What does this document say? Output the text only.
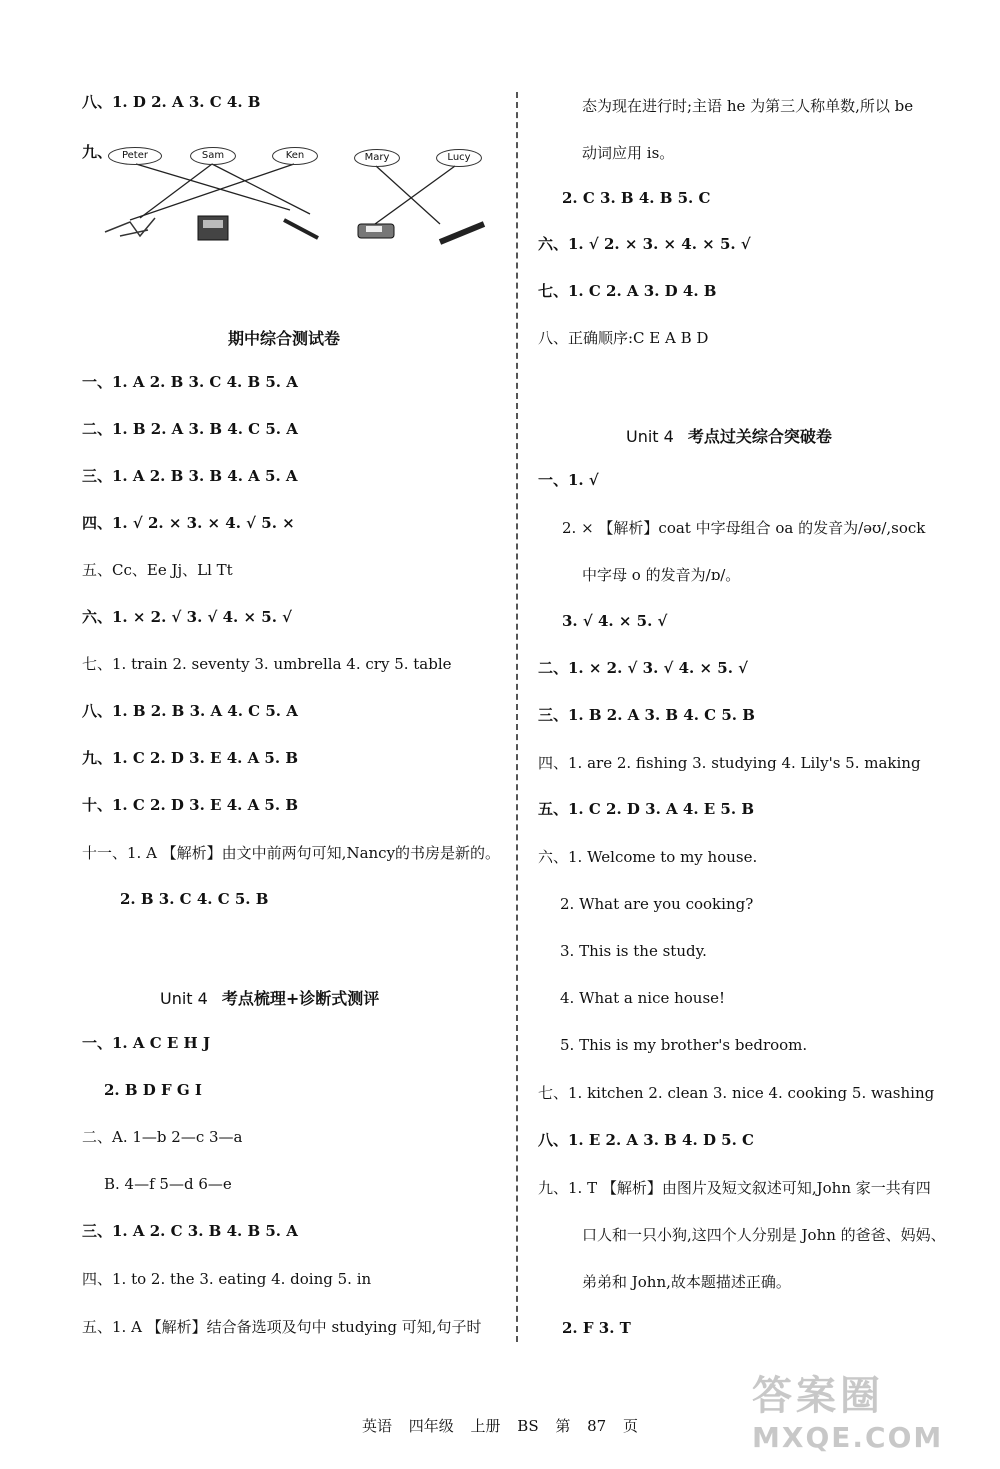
八、1. D 2. A 3. C 4. B
九、 Peter	Sam	Ken	Mary	Lucy
期中综合测试卷
一、1. A 2. B 3. C 4. B 5. A
二、1. B 2. A 3. B 4. C 5. A
三、1. A 2. B 3. B 4. A 5. A
四、1. √ 2. × 3. × 4. √ 5. ×
五、Cc、Ee Jj、Ll Tt
六、1. × 2. √ 3. √ 4. × 5. √
七、1. train 2. seventy 3. umbrella 4. cry 5. table
八、1. B 2. B 3. A 4. C 5. A
九、1. C 2. D 3. E 4. A 5. B
十、1. C 2. D 3. E 4. A 5. B
十一、1. A 【解析】由文中前两句可知,Nancy的书房是新的。
2. B 3. C 4. C 5. B
Unit 4 考点梳理+诊断式测评
一、1. A C E H J
2. B D F G I
二、A. 1—b 2—c 3—a
B. 4—f 5—d 6—e
三、1. A 2. C 3. B 4. B 5. A
四、1. to 2. the 3. eating 4. doing 5. in
五、1. A 【解析】结合备选项及句中 studying 可知,句子时
态为现在进行时;主语 he 为第三人称单数,所以 be
动词应用 is。
2. C 3. B 4. B 5. C
六、1. √ 2. × 3. × 4. × 5. √
七、1. C 2. A 3. D 4. B
八、正确顺序:C E A B D
Unit 4 考点过关综合突破卷
一、1. √
2. × 【解析】coat 中字母组合 oa 的发音为/əʊ/,sock
中字母 o 的发音为/ɒ/。
3. √ 4. × 5. √
二、1. × 2. √ 3. √ 4. × 5. √
三、1. B 2. A 3. B 4. C 5. B
四、1. are 2. fishing 3. studying 4. Lily's 5. making
五、1. C 2. D 3. A 4. E 5. B
六、1. Welcome to my house.
2. What are you cooking?
3. This is the study.
4. What a nice house!
5. This is my brother's bedroom.
七、1. kitchen 2. clean 3. nice 4. cooking 5. washing
八、1. E 2. A 3. B 4. D 5. C
九、1. T 【解析】由图片及短文叙述可知,John 家一共有四
口人和一只小狗,这四个人分别是 John 的爸爸、妈妈、
弟弟和 John,故本题描述正确。
2. F 3. T
英语 四年级 上册 BS 第 87 页
答案圈
MXQE.COM
